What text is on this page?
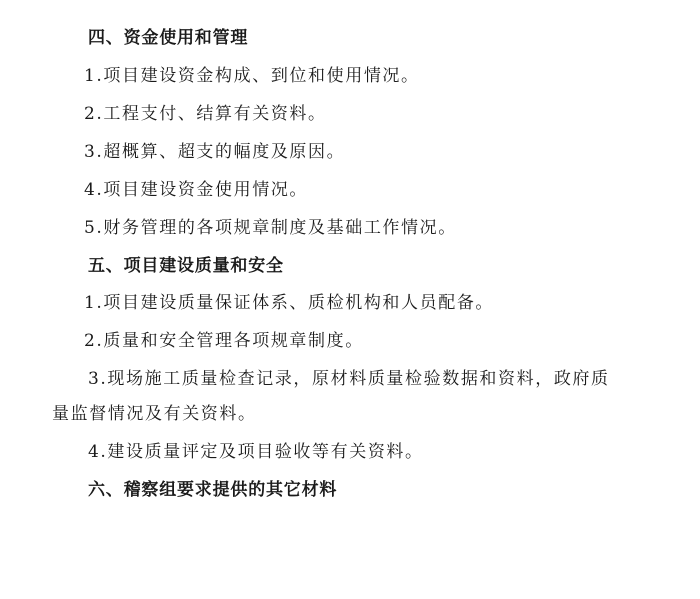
四、资金使用和管理
1.项目建设资金构成、到位和使用情况。
2.工程支付、结算有关资料。
3.超概算、超支的幅度及原因。
4.项目建设资金使用情况。
5.财务管理的各项规章制度及基础工作情况。
五、项目建设质量和安全
1.项目建设质量保证体系、质检机构和人员配备。
2.质量和安全管理各项规章制度。
3.现场施工质量检查记录，原材料质量检验数据和资料，政府质
量监督情况及有关资料。
4.建设质量评定及项目验收等有关资料。
六、稽察组要求提供的其它材料
